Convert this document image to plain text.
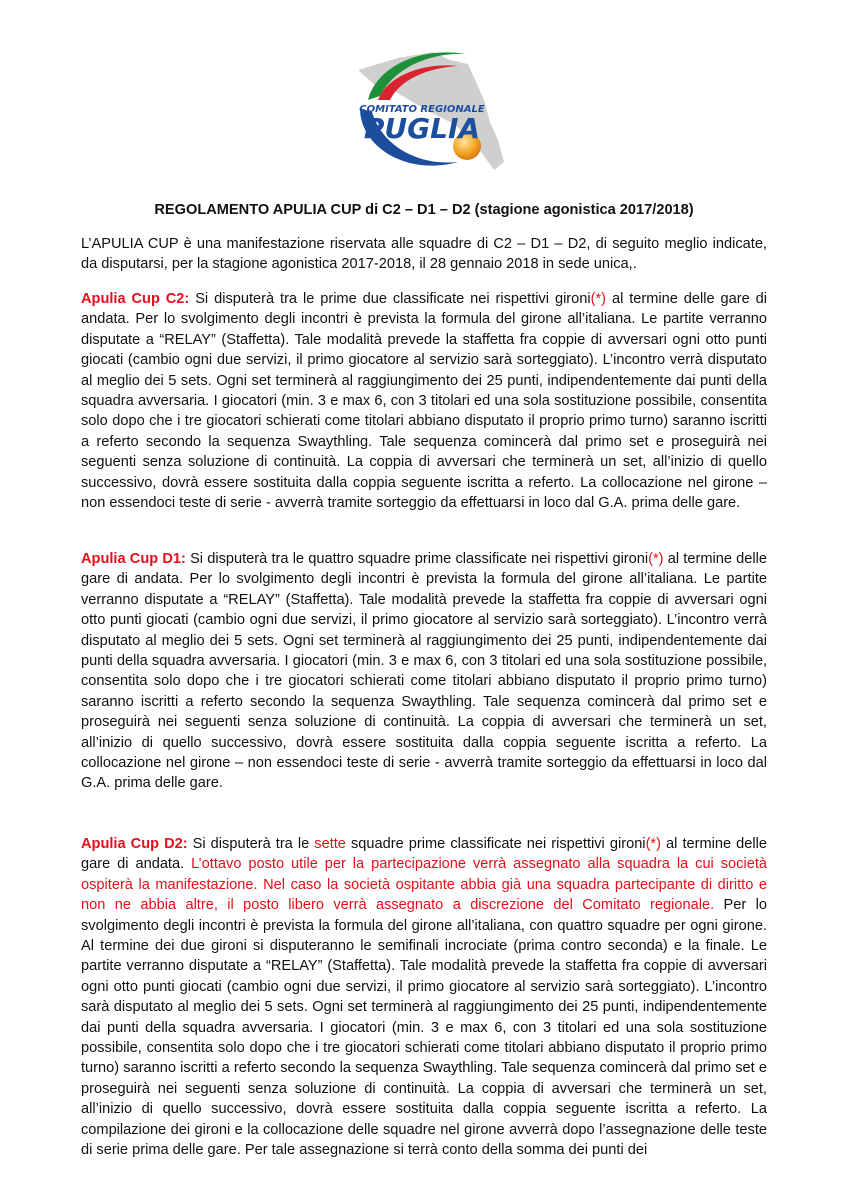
COMITATO REGIONALE
PUGLIA
REGOLAMENTO APULIA CUP di C2 – D1 – D2 (stagione agonistica 2017/2018)

L’APULIA CUP è una manifestazione riservata alle squadre di C2 – D1 – D2, di seguito meglio indicate, da disputarsi, per la stagione agonistica 2017-2018, il 28 gennaio 2018 in sede unica,.

Apulia Cup C2: Si disputerà tra le prime due classificate nei rispettivi gironi(*) al termine delle gare di andata. Per lo svolgimento degli incontri è prevista la formula del girone all’italiana. Le partite verranno disputate a “RELAY” (Staffetta). Tale modalità prevede la staffetta fra coppie di avversari ogni otto punti giocati (cambio ogni due servizi, il primo giocatore al servizio sarà sorteggiato). L’incontro verrà disputato al meglio dei 5 sets. Ogni set terminerà al raggiungimento dei 25 punti, indipendentemente dai punti della squadra avversaria. I giocatori (min. 3 e max 6, con 3 titolari ed una sola sostituzione possibile, consentita solo dopo che i tre giocatori schierati come titolari abbiano disputato il proprio primo turno) saranno iscritti a referto secondo la sequenza Swaythling. Tale sequenza comincerà dal primo set e proseguirà nei seguenti senza soluzione di continuità. La coppia di avversari che terminerà un set, all’inizio di quello successivo, dovrà essere sostituita dalla coppia seguente iscritta a referto. La collocazione nel girone – non essendoci teste di serie - avverrà tramite sorteggio da effettuarsi in loco dal G.A. prima delle gare.

Apulia Cup D1: Si disputerà tra le quattro squadre prime classificate nei rispettivi gironi(*) al termine delle gare di andata. Per lo svolgimento degli incontri è prevista la formula del girone all’italiana. Le partite verranno disputate a “RELAY” (Staffetta). Tale modalità prevede la staffetta fra coppie di avversari ogni otto punti giocati (cambio ogni due servizi, il primo giocatore al servizio sarà sorteggiato). L’incontro verrà disputato al meglio dei 5 sets. Ogni set terminerà al raggiungimento dei 25 punti, indipendentemente dai punti della squadra avversaria. I giocatori (min. 3 e max 6, con 3 titolari ed una sola sostituzione possibile, consentita solo dopo che i tre giocatori schierati come titolari abbiano disputato il proprio primo turno) saranno iscritti a referto secondo la sequenza Swaythling. Tale sequenza comincerà dal primo set e proseguirà nei seguenti senza soluzione di continuità. La coppia di avversari che terminerà un set, all’inizio di quello successivo, dovrà essere sostituita dalla coppia seguente iscritta a referto. La collocazione nel girone – non essendoci teste di serie - avverrà tramite sorteggio da effettuarsi in loco dal G.A. prima delle gare.

Apulia Cup D2: Si disputerà tra le sette squadre prime classificate nei rispettivi gironi(*) al termine delle gare di andata. L’ottavo posto utile per la partecipazione verrà assegnato alla squadra la cui società ospiterà la manifestazione. Nel caso la società ospitante abbia già una squadra partecipante di diritto e non ne abbia altre, il posto libero verrà assegnato a discrezione del Comitato regionale. Per lo svolgimento degli incontri è prevista la formula del girone all’italiana, con quattro squadre per ogni girone. Al termine dei due gironi si disputeranno le semifinali incrociate (prima contro seconda) e la finale. Le partite verranno disputate a “RELAY” (Staffetta). Tale modalità prevede la staffetta fra coppie di avversari ogni otto punti giocati (cambio ogni due servizi, il primo giocatore al servizio sarà sorteggiato). L’incontro sarà disputato al meglio dei 5 sets. Ogni set terminerà al raggiungimento dei 25 punti, indipendentemente dai punti della squadra avversaria. I giocatori (min. 3 e max 6, con 3 titolari ed una sola sostituzione possibile, consentita solo dopo che i tre giocatori schierati come titolari abbiano disputato il proprio primo turno) saranno iscritti a referto secondo la sequenza Swaythling. Tale sequenza comincerà dal primo set e proseguirà nei seguenti senza soluzione di continuità. La coppia di avversari che terminerà un set, all’inizio di quello successivo, dovrà essere sostituita dalla coppia seguente iscritta a referto. La compilazione dei gironi e la collocazione delle squadre nel girone avverrà dopo l’assegnazione delle teste di serie prima delle gare. Per tale assegnazione si terrà conto della somma dei punti dei
